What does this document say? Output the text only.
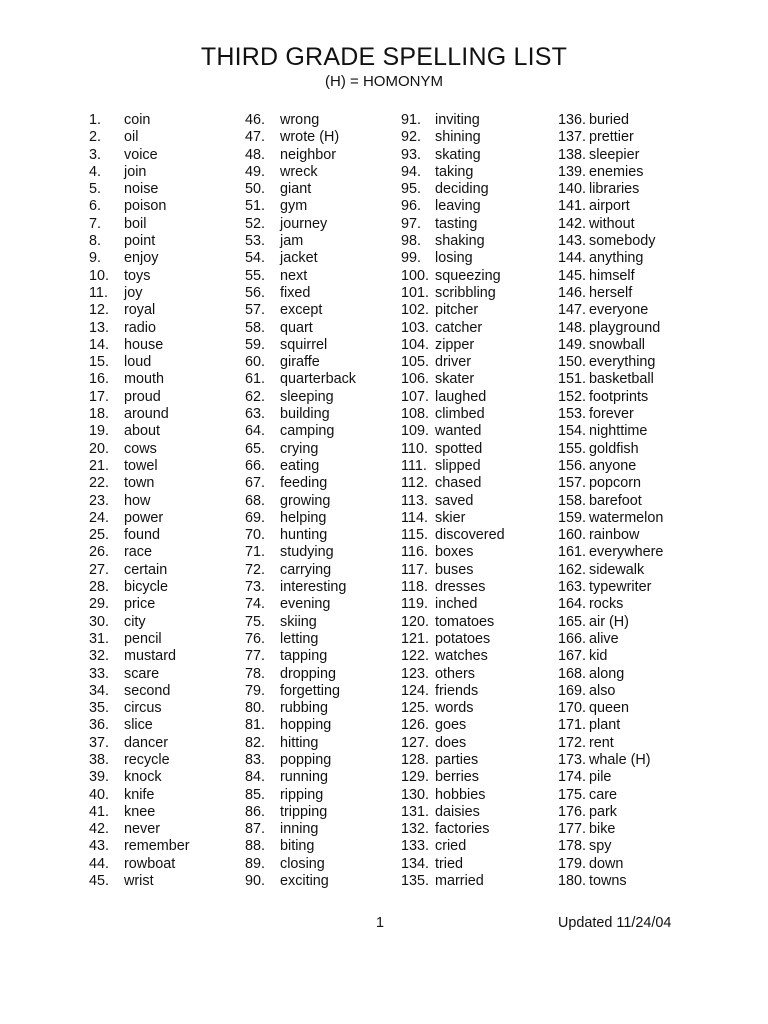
THIRD GRADE SPELLING LIST
(H) = HOMONYM
1.	coin
2.	oil
3.	voice
4.	join
5.	noise
6.	poison
7.	boil
8.	point
9.	enjoy
10.	toys
11.	joy
12.	royal
13.	radio
14.	house
15.	loud
16.	mouth
17.	proud
18.	around
19.	about
20.	cows
21.	towel
22.	town
23.	how
24.	power
25.	found
26.	race
27.	certain
28.	bicycle
29.	price
30.	city
31.	pencil
32.	mustard
33.	scare
34.	second
35.	circus
36.	slice
37.	dancer
38.	recycle
39.	knock
40.	knife
41.	knee
42.	never
43.	remember
44.	rowboat
45.	wrist
46.	wrong
47.	wrote (H)
48.	neighbor
49.	wreck
50.	giant
51.	gym
52.	journey
53.	jam
54.	jacket
55.	next
56.	fixed
57.	except
58.	quart
59.	squirrel
60.	giraffe
61.	quarterback
62.	sleeping
63.	building
64.	camping
65.	crying
66.	eating
67.	feeding
68.	growing
69.	helping
70.	hunting
71.	studying
72.	carrying
73.	interesting
74.	evening
75.	skiing
76.	letting
77.	tapping
78.	dropping
79.	forgetting
80.	rubbing
81.	hopping
82.	hitting
83.	popping
84.	running
85.	ripping
86.	tripping
87.	inning
88.	biting
89.	closing
90.	exciting
91. inviting
92. shining
93. skating
94. taking
95. deciding
96. leaving
97. tasting
98. shaking
99. losing
100. squeezing
101. scribbling
102. pitcher
103. catcher
104. zipper
105. driver
106. skater
107. laughed
108. climbed
109. wanted
110. spotted
111. slipped
112. chased
113. saved
114. skier
115. discovered
116. boxes
117. buses
118. dresses
119. inched
120. tomatoes
121. potatoes
122. watches
123. others
124. friends
125. words
126. goes
127. does
128. parties
129. berries
130. hobbies
131. daisies
132. factories
133. cried
134. tried
135. married
136. buried
137. prettier
138. sleepier
139. enemies
140. libraries
141. airport
142. without
143. somebody
144. anything
145. himself
146. herself
147. everyone
148. playground
149. snowball
150. everything
151. basketball
152. footprints
153. forever
154. nighttime
155. goldfish
156. anyone
157. popcorn
158. barefoot
159. watermelon
160. rainbow
161. everywhere
162. sidewalk
163. typewriter
164. rocks
165. air (H)
166. alive
167. kid
168. along
169. also
170. queen
171. plant
172. rent
173. whale (H)
174. pile
175. care
176. park
177. bike
178. spy
179. down
180. towns
1	Updated 11/24/04
